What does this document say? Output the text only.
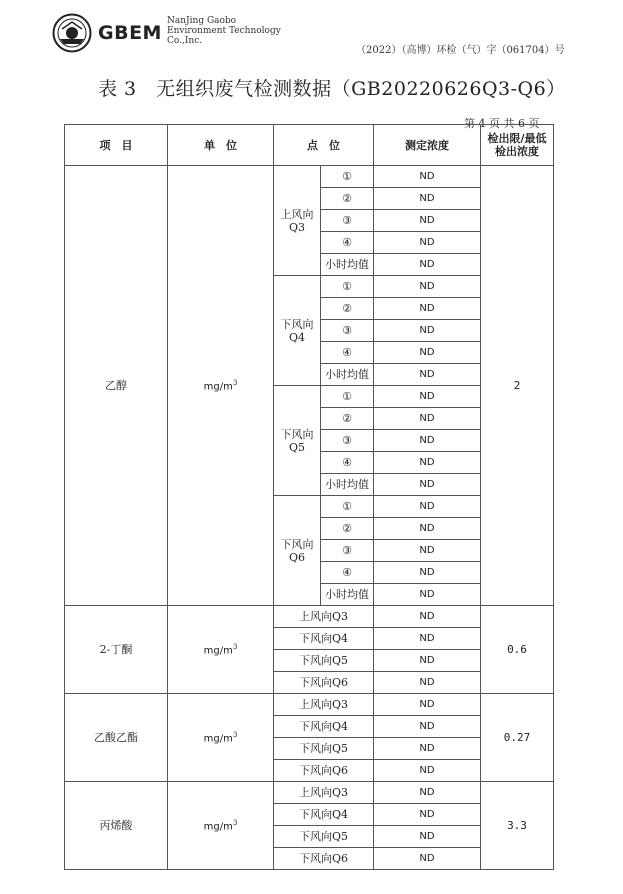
GBEM
NanJing Gaobo
Environment Technology
Co.,Inc.
（2022）（高博）环检（气）字（061704）号
表 3　无组织废气检测数据（GB20220626Q3-Q6）
第 4 页 共 6 页
项　目	单　位	点　位		测定浓度	检出限/最低检出浓度
乙醇	$mg/m^3$	上风向Q3	①	ND	2
			②	ND	
			③	ND	
			④	ND	
			小时均值	ND	
		下风向Q4	①	ND	
			②	ND	
			③	ND	
			④	ND	
			小时均值	ND	
		下风向Q5	①	ND	
			②	ND	
			③	ND	
			④	ND	
			小时均值	ND	
		下风向Q6	①	ND	
			②	ND	
			③	ND	
			④	ND	
			小时均值	ND	
2-丁酮	$mg/m^3$	上风向Q3		ND	0.6
		下风向Q4		ND	
		下风向Q5		ND	
		下风向Q6		ND	
乙酸乙酯	$mg/m^3$	上风向Q3		ND	0.27
		下风向Q4		ND	
		下风向Q5		ND	
		下风向Q6		ND	
丙烯酸	$mg/m^3$	上风向Q3		ND	3.3
		下风向Q4		ND	
		下风向Q5		ND	
		下风向Q6		ND	
